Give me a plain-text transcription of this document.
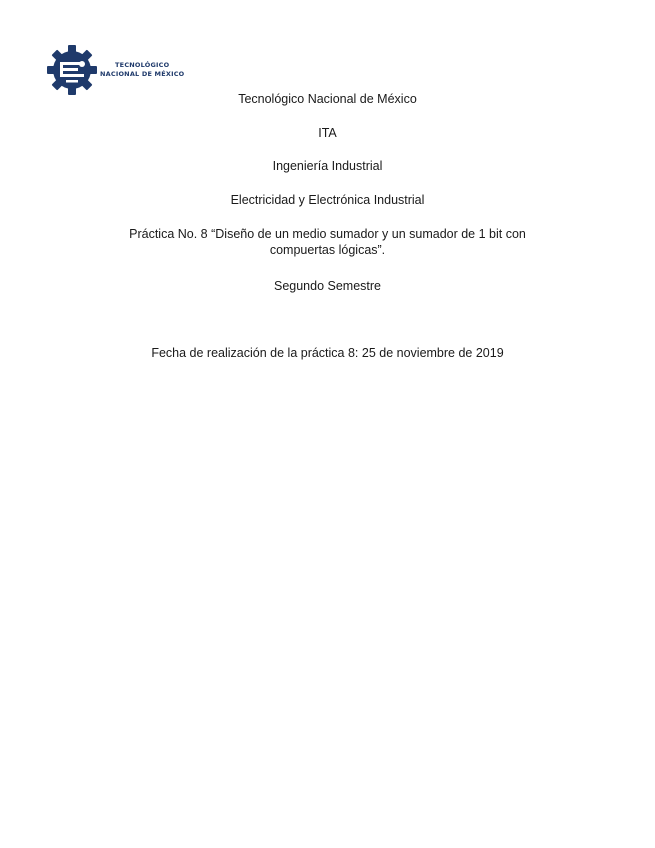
TECNOLÓGICO
NACIONAL DE MÉXICO
Tecnológico Nacional de México
ITA
Ingeniería Industrial
Electricidad y Electrónica Industrial
Práctica No. 8 “Diseño de un medio sumador y un sumador de 1 bit con
compuertas lógicas”.
Segundo Semestre
Fecha de realización de la práctica 8: 25 de noviembre de 2019
